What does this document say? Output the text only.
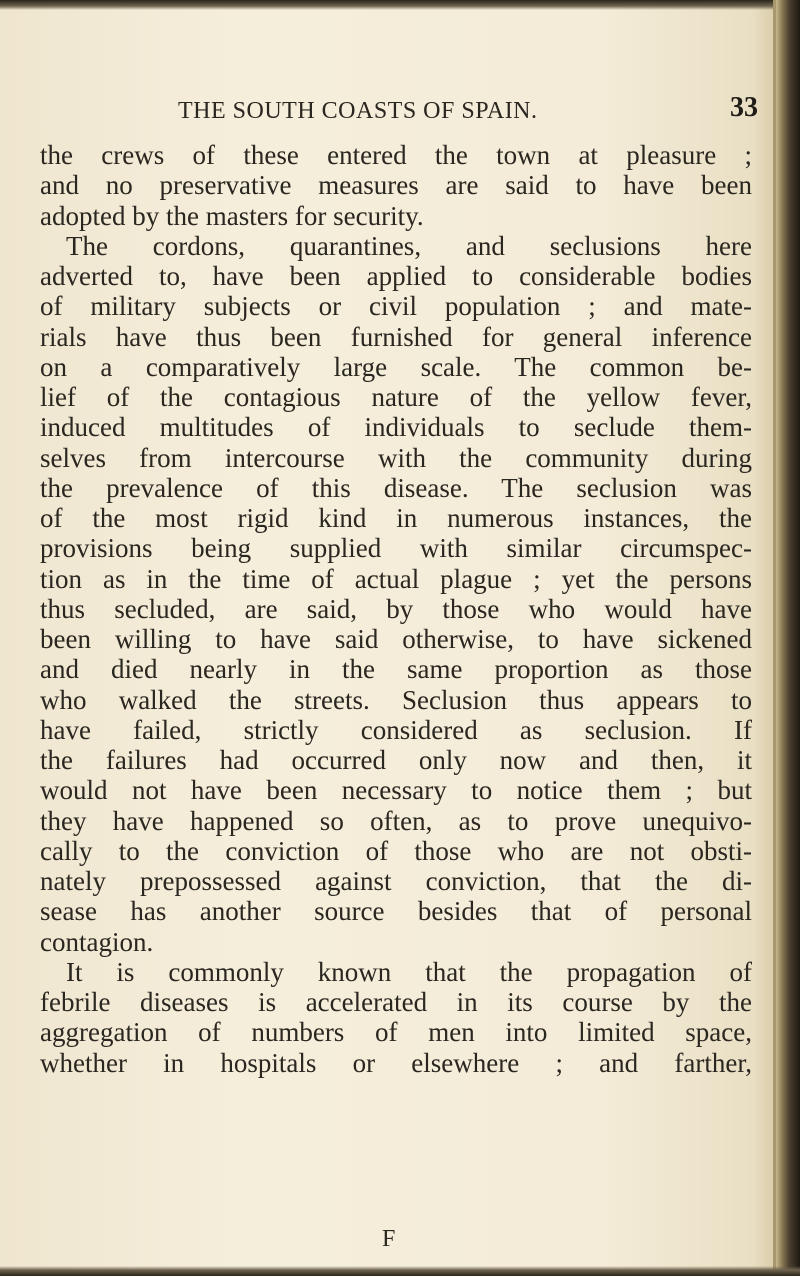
THE SOUTH COASTS OF SPAIN.	33
the crews of these entered the town at pleasure ;
and no preservative measures are said to have been
adopted by the masters for security.
The cordons, quarantines, and seclusions here
adverted to, have been applied to considerable bodies
of military subjects or civil population ; and mate-
rials have thus been furnished for general inference
on a comparatively large scale. The common be-
lief of the contagious nature of the yellow fever,
induced multitudes of individuals to seclude them-
selves from intercourse with the community during
the prevalence of this disease. The seclusion was
of the most rigid kind in numerous instances, the
provisions being supplied with similar circumspec-
tion as in the time of actual plague ; yet the persons
thus secluded, are said, by those who would have
been willing to have said otherwise, to have sickened
and died nearly in the same proportion as those
who walked the streets. Seclusion thus appears to
have failed, strictly considered as seclusion. If
the failures had occurred only now and then, it
would not have been necessary to notice them ; but
they have happened so often, as to prove unequivo-
cally to the conviction of those who are not obsti-
nately prepossessed against conviction, that the di-
sease has another source besides that of personal
contagion.
It is commonly known that the propagation of
febrile diseases is accelerated in its course by the
aggregation of numbers of men into limited space,
whether in hospitals or elsewhere ; and farther,
F
